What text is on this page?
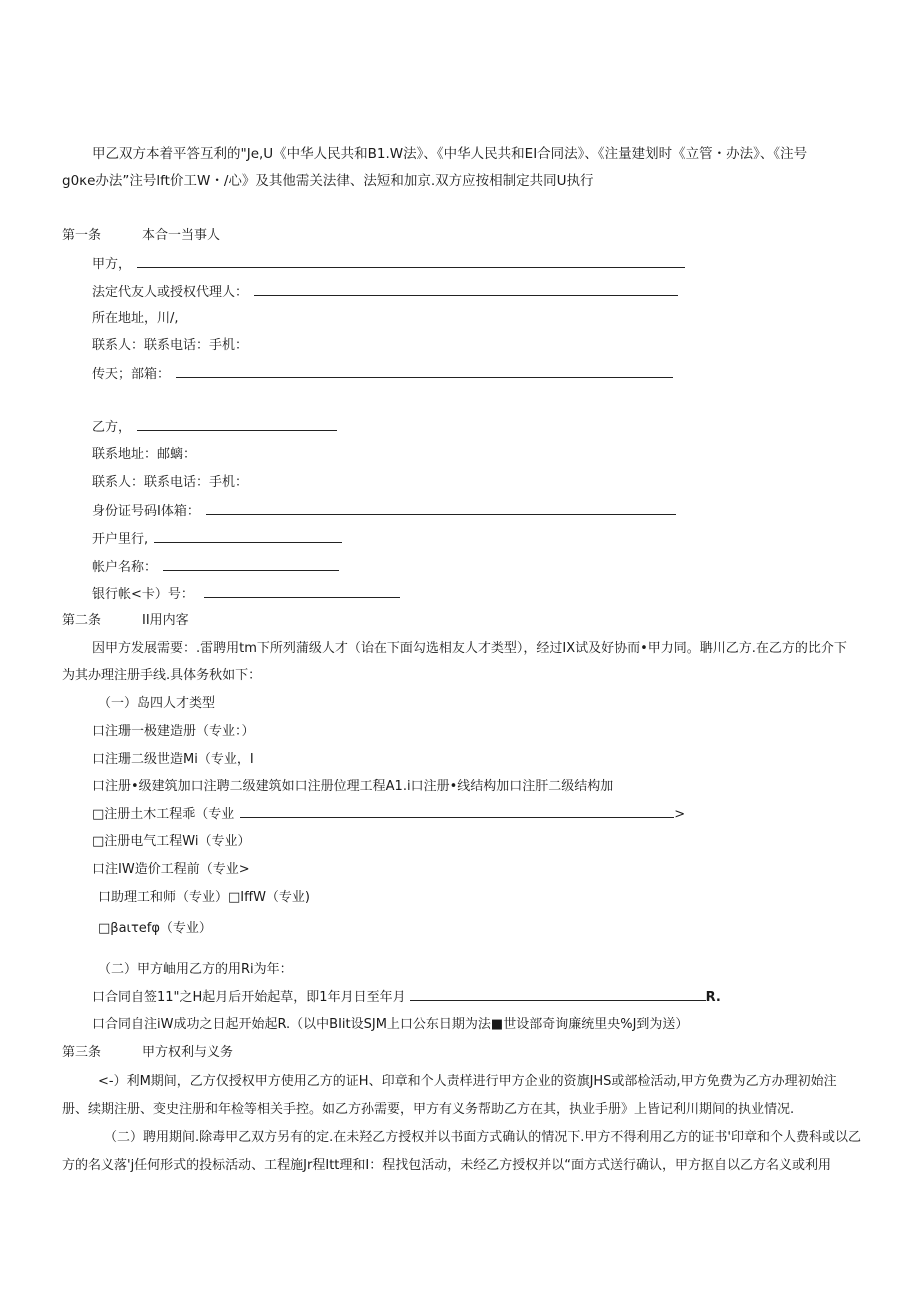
甲乙双方本着平答互利的"Je,U《中华人民共和B1.W法》、《中华人民共和EI合同法》、《注量建划时《立管・办法》、《注号
g0κe办法”注号lft价工W・/心》及其他需关法律、法短和加京.双方应按相制定共同U执行
第一条	本合一当事人
甲方，
法定代友人或授权代理人：
所在地址，川/,
联系人：联系电话：手机：
传天；部箱：
乙方，
联系地址：邮螭：
联系人：联系电话：手机：
身份证号码I体箱：
开户里行,
帐户名称：
银行帐<卡）号：
第二条	II用内客
因甲方发展需要：.雷聘用tm下所列蒲级人才（诒在下面勾选相友人才类型），经过IX试及好协而•甲力同。聃川乙方.在乙方的比介下
为其办理注册手线.具体务秋如下：
（一）岛四人才类型
口注珊一极建造册（专业：）
口注珊二级世造Mi（专业，I
口注册•级建筑加口注聘二级建筑如口注册位理工程A1.i口注册•线结构加口注肝二级结构加
□注册土木工程乖（专业	>
□注册电气工程Wi（专业）
口注IW造价工程前（专业>
口助理工和师（专业）□IffW（专业)
□βaιτefφ（专业）
（二）甲方岫用乙方的用Ri为年：
口合同自签11"之H起月后开始起草，即1年月日至年月	R.
口合同自注iW成功之日起开始起R.（以中BIit设SJM上口公东日期为法■世设部奇询廉统里央%J到为送）
第三条	甲方权利与义务
<-）利M期间，乙方仅授权甲方使用乙方的证H、印章和个人责样进行甲方企业的资旗JHS或部检活动,甲方免费为乙方办理初始注
册、续期注册、变史注册和年检等相关手控。如乙方孙需要，甲方有义务帮助乙方在其，执业手册》上皆记利川期间的执业情况.
（二）聘用期间.除毒甲乙双方另有的定.在未羟乙方授权并以书面方式确认的情况下.甲方不得利用乙方的证书'印章和个人费科或以乙
方的名义落'j任何形式的投标活动、工程施Jr程Itt理和I：程找包活动，未经乙方授权并以“面方式送行确认，甲方抠自以乙方名义或利用
